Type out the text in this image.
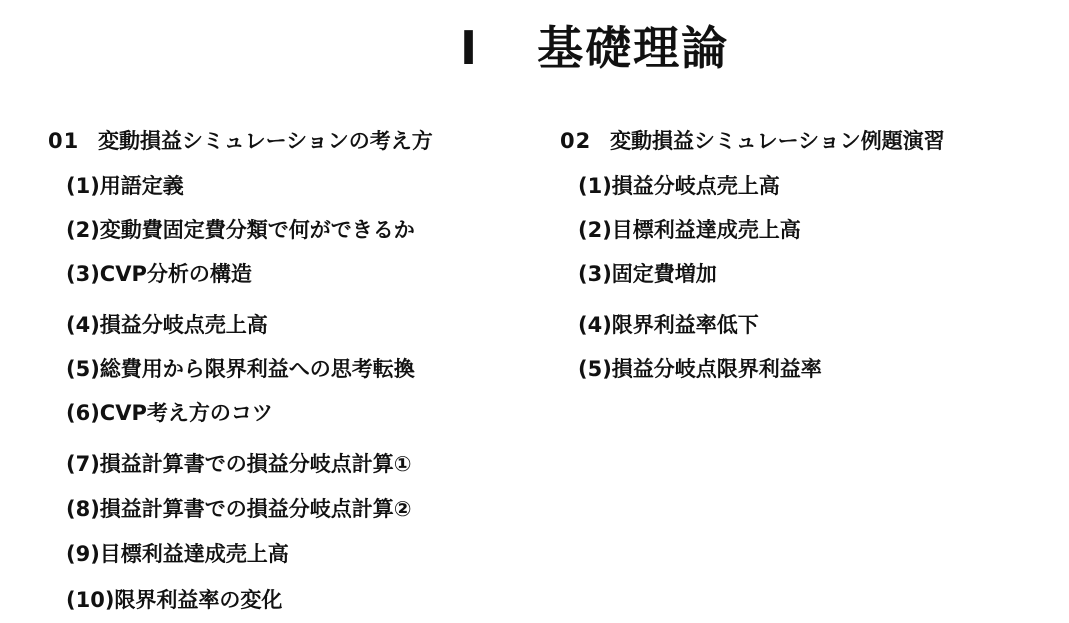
I 基礎理論
01 変動損益シミュレーションの考え方
(1)用語定義
(2)変動費固定費分類で何ができるか
(3)CVP分析の構造
(4)損益分岐点売上高
(5)総費用から限界利益への思考転換
(6)CVP考え方のコツ
(7)損益計算書での損益分岐点計算①
(8)損益計算書での損益分岐点計算②
(9)目標利益達成売上高
(10)限界利益率の変化
02 変動損益シミュレーション例題演習
(1)損益分岐点売上高
(2)目標利益達成売上高
(3)固定費増加
(4)限界利益率低下
(5)損益分岐点限界利益率
